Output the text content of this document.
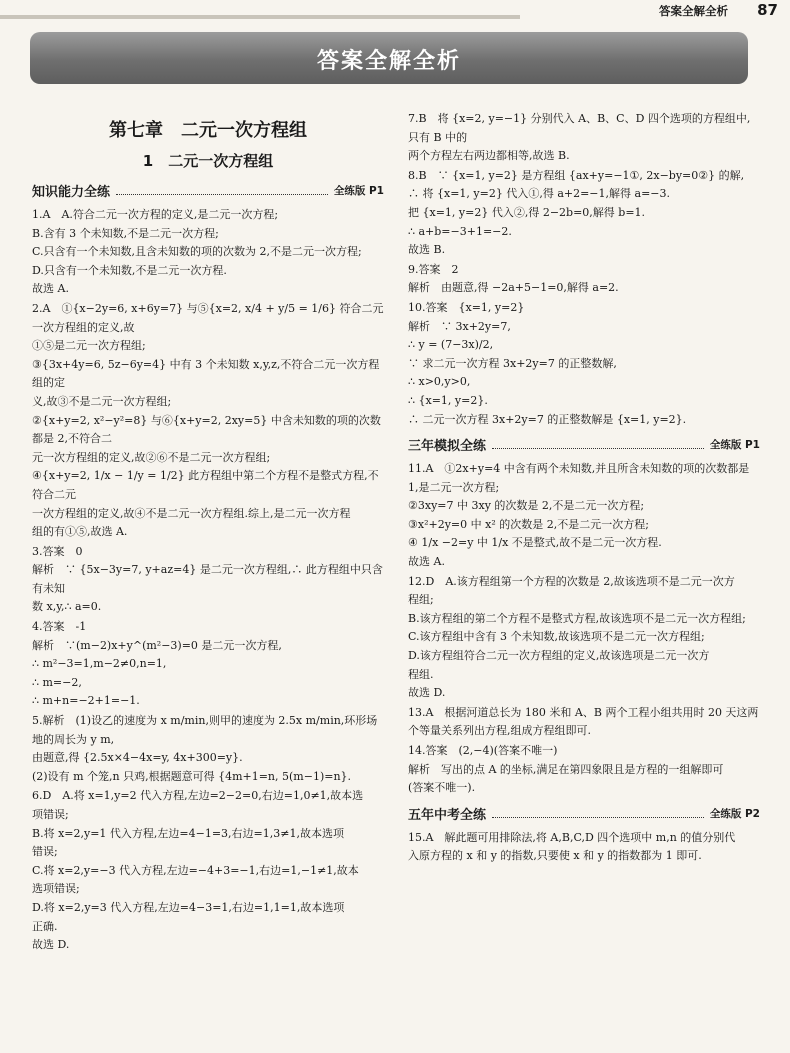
答案全解全析 87
答案全解全析
第七章　二元一次方程组
1　二元一次方程组
知识能力全练	全练版 P1
1.A　A.符合二元一次方程的定义,是二元一次方程;
B.含有 3 个未知数,不是二元一次方程;
C.只含有一个未知数,且含未知数的项的次数为 2,不是二元一次方程;
D.只含有一个未知数,不是二元一次方程.
故选 A.
2.A　①{x−2y=6, x+6y=7} 与⑤{x=2, x/4 + y/5 = 1/6} 符合二元一次方程组的定义,故
①⑤是二元一次方程组;
③{3x+4y=6, 5z−6y=4} 中有 3 个未知数 x,y,z,不符合二元一次方程组的定
义,故③不是二元一次方程组;
②{x+y=2, x²−y²=8} 与⑥{x+y=2, 2xy=5} 中含未知数的项的次数都是 2,不符合二
元一次方程组的定义,故②⑥不是二元一次方程组;
④{x+y=2, 1/x − 1/y = 1/2} 此方程组中第二个方程不是整式方程,不符合二元
一次方程组的定义,故④不是二元一次方程组.综上,是二元一次方程
组的有①⑤,故选 A.
3.答案　0
解析　∵ {5x−3y=7, y+az=4} 是二元一次方程组,∴ 此方程组中只含有未知
数 x,y,∴ a=0.
4.答案　-1
解析　∵(m−2)x+y^(m²−3)=0 是二元一次方程,
∴ m²−3=1,m−2≠0,n=1,
∴ m=−2,
∴ m+n=−2+1=−1.
5.解析　(1)设乙的速度为 x m/min,则甲的速度为 2.5x m/min,环形场
地的周长为 y m,
由题意,得 {2.5x×4−4x=y, 4x+300=y}.
(2)设有 m 个笼,n 只鸡,根据题意可得 {4m+1=n, 5(m−1)=n}.
6.D　A.将 x=1,y=2 代入方程,左边=2−2=0,右边=1,0≠1,故本选
项错误;
B.将 x=2,y=1 代入方程,左边=4−1=3,右边=1,3≠1,故本选项
错误;
C.将 x=2,y=−3 代入方程,左边=−4+3=−1,右边=1,−1≠1,故本
选项错误;
D.将 x=2,y=3 代入方程,左边=4−3=1,右边=1,1=1,故本选项
正确.
故选 D.
7.B　将 {x=2, y=−1} 分别代入 A、B、C、D 四个选项的方程组中,只有 B 中的
两个方程左右两边都相等,故选 B.
8.B　∵ {x=1, y=2} 是方程组 {ax+y=−1①, 2x−by=0②} 的解,
∴ 将 {x=1, y=2} 代入①,得 a+2=−1,解得 a=−3.
把 {x=1, y=2} 代入②,得 2−2b=0,解得 b=1.
∴ a+b=−3+1=−2.
故选 B.
9.答案　2
解析　由题意,得 −2a+5−1=0,解得 a=2.
10.答案　{x=1, y=2}
解析　∵ 3x+2y=7,
∴ y = (7−3x)/2,
∵ 求二元一次方程 3x+2y=7 的正整数解,
∴ x>0,y>0,
∴ {x=1, y=2}.
∴ 二元一次方程 3x+2y=7 的正整数解是 {x=1, y=2}.
三年模拟全练	全练版 P1
11.A　①2x+y=4 中含有两个未知数,并且所含未知数的项的次数都是
1,是二元一次方程;
②3xy=7 中 3xy 的次数是 2,不是二元一次方程;
③x²+2y=0 中 x² 的次数是 2,不是二元一次方程;
④ 1/x −2=y 中 1/x 不是整式,故不是二元一次方程.
故选 A.
12.D　A.该方程组第一个方程的次数是 2,故该选项不是二元一次方
程组;
B.该方程组的第二个方程不是整式方程,故该选项不是二元一次方程组;
C.该方程组中含有 3 个未知数,故该选项不是二元一次方程组;
D.该方程组符合二元一次方程组的定义,故该选项是二元一次方
程组.
故选 D.
13.A　根据河道总长为 180 米和 A、B 两个工程小组共用时 20 天这两
个等量关系列出方程,组成方程组即可.
14.答案　(2,−4)(答案不唯一)
解析　写出的点 A 的坐标,满足在第四象限且是方程的一组解即可
(答案不唯一).
五年中考全练	全练版 P2
15.A　解此题可用排除法,将 A,B,C,D 四个选项中 m,n 的值分别代
入原方程的 x 和 y 的指数,只要使 x 和 y 的指数都为 1 即可.
